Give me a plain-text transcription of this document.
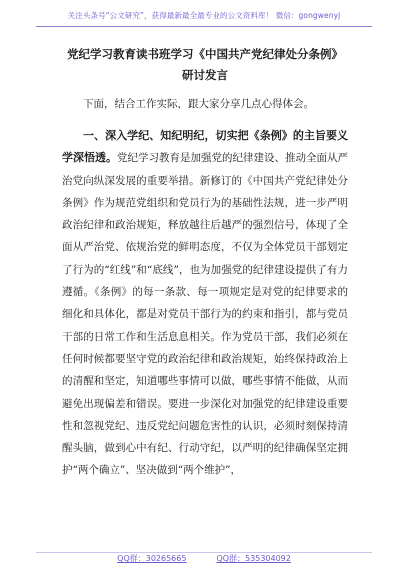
关注头条号“公文研究”，获得最新最全最专业的公文资料库！ 微信：gongwenyj

党纪学习教育读书班学习《中国共产党纪律处分条例》研讨发言

下面，结合工作实际，跟大家分享几点心得体会。

一、深入学纪、知纪明纪，切实把《条例》的主旨要义学深悟透。党纪学习教育是加强党的纪律建设、推动全面从严治党向纵深发展的重要举措。新修订的《中国共产党纪律处分条例》作为规范党组织和党员行为的基础性法规，进一步严明政治纪律和政治规矩，释放越往后越严的强烈信号，体现了全面从严治党、依规治党的鲜明态度，不仅为全体党员干部划定了行为的“红线”和“底线”，也为加强党的纪律建设提供了有力遵循。《条例》的每一条款、每一项规定是对党的纪律要求的细化和具体化，都是对党员干部行为的约束和指引，都与党员干部的日常工作和生活息息相关。作为党员干部，我们必须在任何时候都要坚守党的政治纪律和政治规矩，始终保持政治上的清醒和坚定，知道哪些事情可以做，哪些事情不能做，从而避免出现偏差和错误。要进一步深化对加强党的纪律建设重要性和忽视党纪、违反党纪问题危害性的认识，必须时刻保持清醒头脑，做到心中有纪、行动守纪，以严明的纪律确保坚定拥护“两个确立”、坚决做到“两个维护”，

QQ群：30265665	QQ群：535304092
